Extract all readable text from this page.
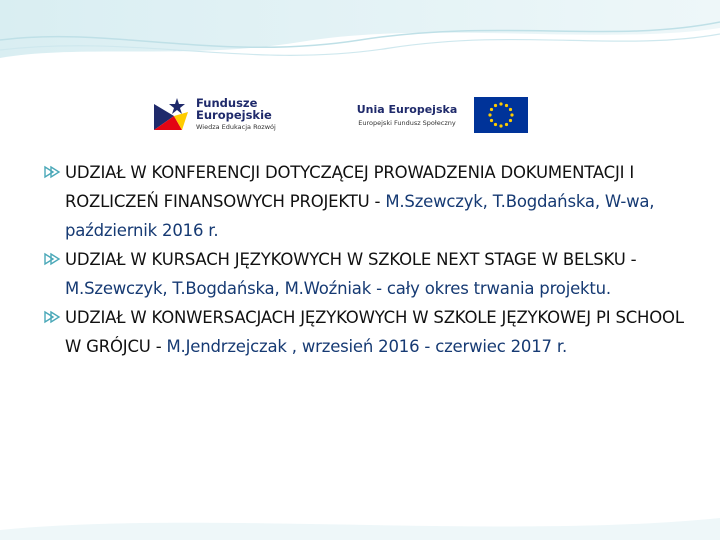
Fundusze
Europejskie
Wiedza Edukacja Rozwój
Unia Europejska
Europejski Fundusz Społeczny

UDZIAŁ W KONFERENCJI DOTYCZĄCEJ PROWADZENIA DOKUMENTACJI I ROZLICZEŃ FINANSOWYCH PROJEKTU - M.Szewczyk, T.Bogdańska, W-wa, październik 2016 r.

UDZIAŁ W KURSACH JĘZYKOWYCH W SZKOLE NEXT STAGE W BELSKU - M.Szewczyk, T.Bogdańska, M.Woźniak - cały okres trwania projektu.

UDZIAŁ W KONWERSACJACH JĘZYKOWYCH W SZKOLE JĘZYKOWEJ PI SCHOOL W GRÓJCU - M.Jendrzejczak , wrzesień 2016 - czerwiec 2017 r.
